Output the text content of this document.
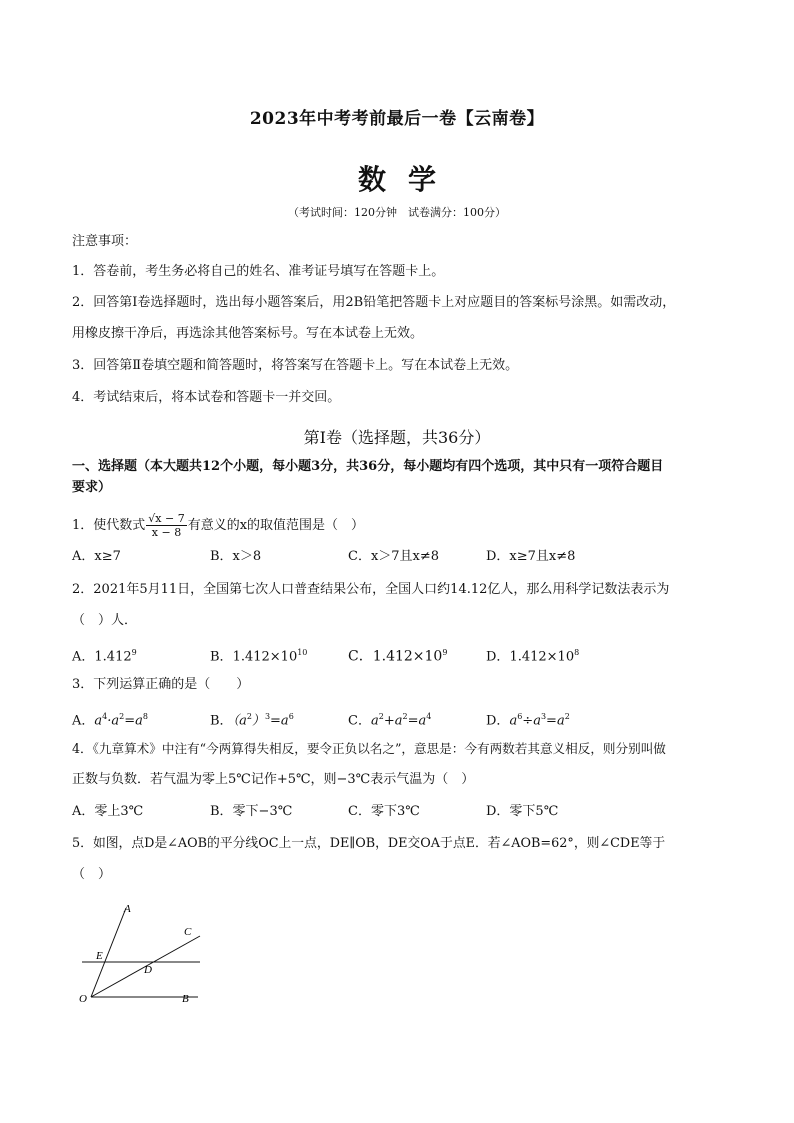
2023年中考考前最后一卷【云南卷】
数学
（考试时间：120分钟　试卷满分：100分）
注意事项：
1．答卷前，考生务必将自己的姓名、准考证号填写在答题卡上。
2．回答第Ⅰ卷选择题时，选出每小题答案后，用2B铅笔把答题卡上对应题目的答案标号涂黑。如需改动，
用橡皮擦干净后，再选涂其他答案标号。写在本试卷上无效。
3．回答第Ⅱ卷填空题和简答题时，将答案写在答题卡上。写在本试卷上无效。
4．考试结束后，将本试卷和答题卡一并交回。
第Ⅰ卷（选择题，共36分）
一、选择题（本大题共12个小题，每小题3分，共36分，每小题均有四个选项，其中只有一项符合题目
要求）
1．使代数式 $\frac{√x - 7}{x - 8}$ 有意义的x的取值范围是（　）
A．x≥7	B．x＞8	C．x＞7且x≠8	D．x≥7且x≠8
2．2021年5月11日，全国第七次人口普查结果公布，全国人口约14.12亿人，那么用科学记数法表示为
（　）人．
A．1.412$^9$	B．$1.412\times 10^{10}$	C．$1.412\times 10^9$	D．$1.412\times 10^8$
3．下列运算正确的是（　　）
A．$a^4\cdot a^2=a^8$	B．$(a^2)^3=a^6$	C．$a^2+a^2=a^4$	D．$a^6\div a^3=a^2$
4．《九章算术》中注有“今两算得失相反，要令正负以名之”，意思是：今有两数若其意义相反，则分别叫做
正数与负数．若气温为零上5℃记作+5℃，则−3℃表示气温为（　）
A．零上3℃	B．零下−3℃	C．零下3℃	D．零下5℃
5．如图，点D是∠AOB的平分线OC上一点，DE∥OB，DE交OA于点E．若∠AOB=62°，则∠CDE等于
（　）
A
C
E
D
O	B
